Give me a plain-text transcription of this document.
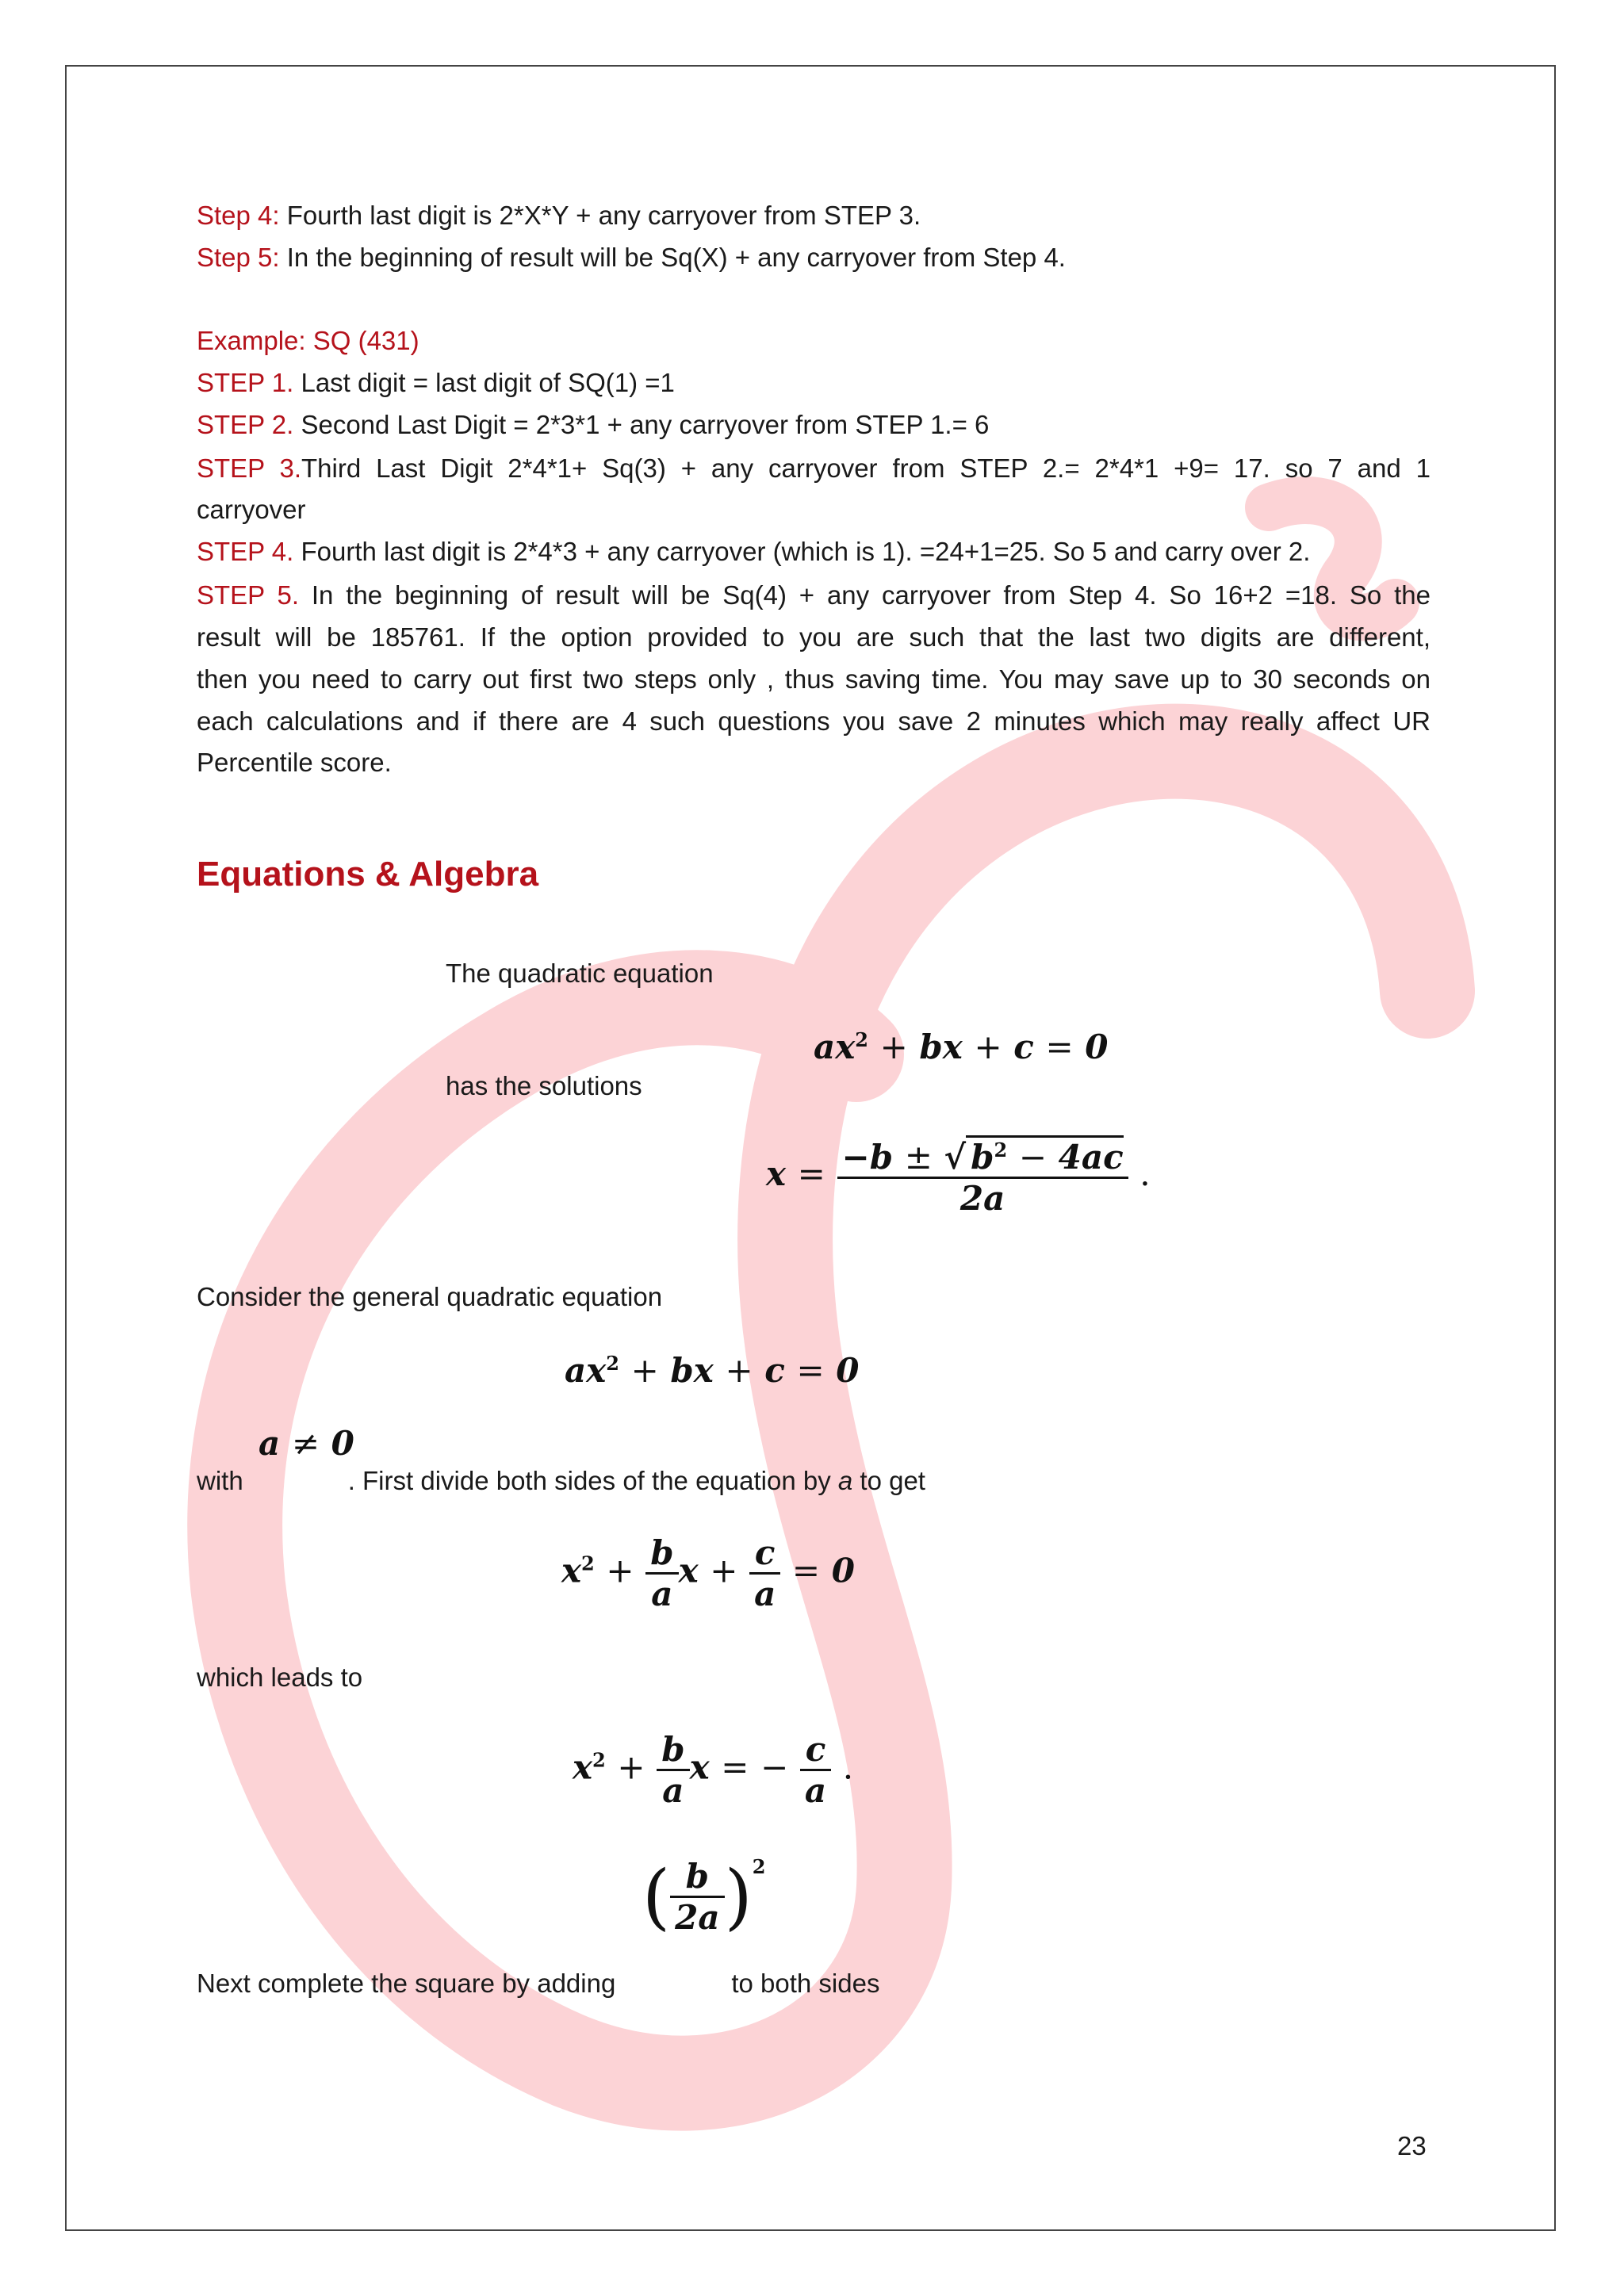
Step 4: Fourth last digit is 2*X*Y + any carryover from STEP 3.
Step 5: In the beginning of result will be Sq(X) + any carryover from Step 4.
Example: SQ (431)
STEP 1. Last digit = last digit of SQ(1) =1
STEP 2. Second Last Digit = 2*3*1 + any carryover from STEP 1.= 6
STEP 3.Third Last Digit 2*4*1+ Sq(3) + any carryover from STEP 2.= 2*4*1 +9= 17. so 7 and 1
carryover
STEP 4. Fourth last digit is 2*4*3 + any carryover (which is 1). =24+1=25. So 5 and carry over 2.
STEP 5. In the beginning of result will be Sq(4) + any carryover from Step 4. So 16+2 =18. So the
result will be 185761. If the option provided to you are such that the last two digits are different,
then you need to carry out first two steps only , thus saving time. You may save up to 30 seconds on
each calculations and if there are 4 such questions you save 2 minutes which may really affect UR
Percentile score.
Equations & Algebra
The quadratic equation
$ax^2$ + bx + c = 0
has the solutions
$x = \frac{-b \pm √ b^2 - 4ac}{2a}$ .
Consider the general quadratic equation
$ax^2$ + bx + c = 0
a ≠ 0
with	. First divide both sides of the equation by a to get
$x^2 + \frac{b}{a}$ $x + \frac{c}{a} = 0$
which leads to
$x^2 + \frac{b}{a}$ x = − $\frac{c}{a}$ .
( $\frac{b}{2a} )^2$
Next complete the square by adding	to both sides
23
